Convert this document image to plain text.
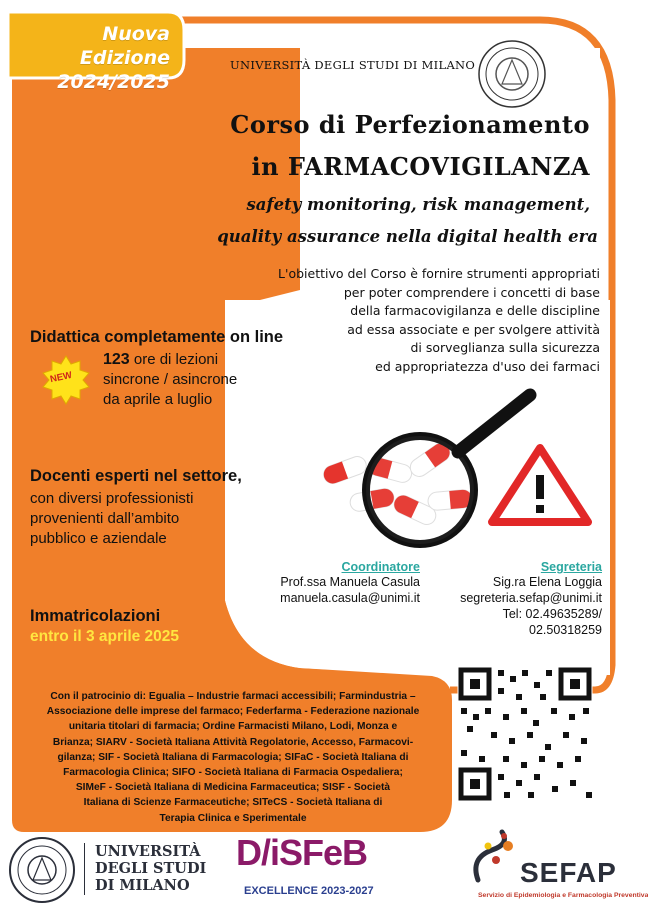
Nuova Edizione
2024/2025
UNIVERSITÀ DEGLI STUDI DI MILANO
Corso di Perfezionamento
in FARMACOVIGILANZA
safety monitoring, risk management,
quality assurance nella digital health era
L'obiettivo del Corso è fornire strumenti appropriati
per poter comprendere i concetti di base
della farmacovigilanza e delle discipline
ad essa associate e per svolgere attività
di sorveglianza sulla sicurezza
ed appropriatezza d'uso dei farmaci
Didattica completamente on line
NEW
123 ore di lezioni
sincrone / asincrone
da aprile a luglio
Docenti esperti nel settore,
con diversi professionisti
provenienti dall’ambito
pubblico e aziendale
Immatricolazioni
entro il 3 aprile 2025
Con il patrocinio di: Egualia – Industrie farmaci accessibili; Farmindustria –
Associazione delle imprese del farmaco; Federfarma - Federazione nazionale
unitaria titolari di farmacia; Ordine Farmacisti Milano, Lodi, Monza e
Brianza; SIARV - Società Italiana Attività Regolatorie, Accesso, Farmacovi-
gilanza; SIF - Società Italiana di Farmacologia; SIFaC - Società Italiana di
Farmacologia Clinica; SIFO - Società Italiana di Farmacia Ospedaliera;
SIMeF - Società Italiana di Medicina Farmaceutica; SISF - Società
Italiana di Scienze Farmaceutiche; SITeCS - Società Italiana di
Terapia Clinica e Sperimentale
Coordinatore
Prof.ssa Manuela Casula
manuela.casula@unimi.it
Segreteria
Sig.ra Elena Loggia
segreteria.sefap@unimi.it
Tel: 02.49635289/
02.50318259
UNIVERSITÀ
DEGLI STUDI
DI MILANO
D/iSFeB
EXCELLENCE 2023-2027
SEFAP
Servizio di Epidemiologia e Farmacologia Preventiva
